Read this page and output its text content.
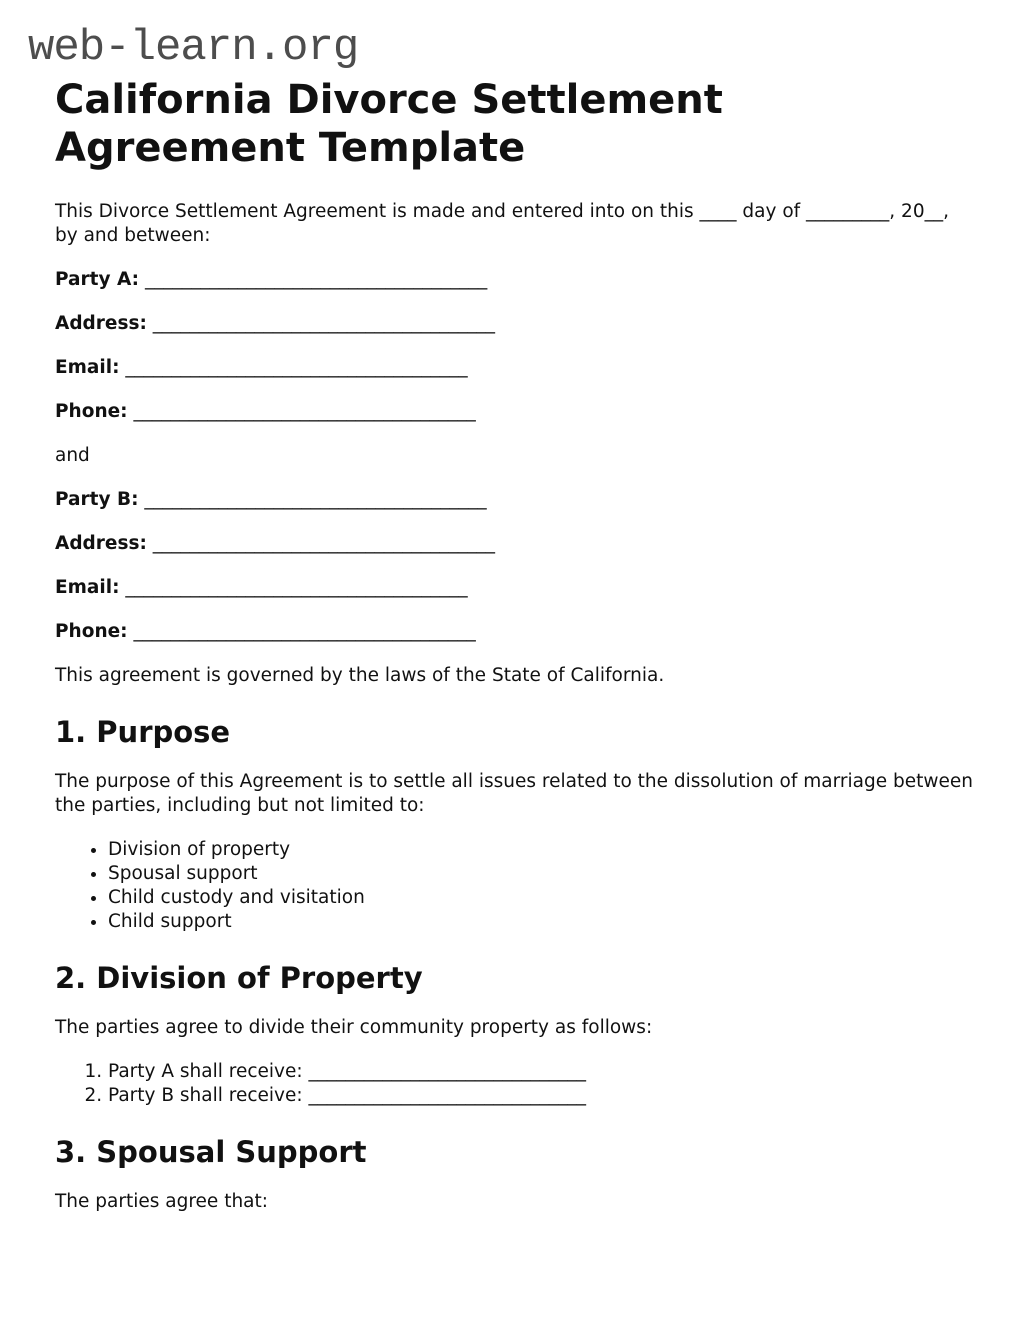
web-learn.org
California Divorce Settlement Agreement Template

This Divorce Settlement Agreement is made and entered into on this ____ day of _________, 20__, by and between:

Party A: _____________________________________

Address: _____________________________________

Email: _____________________________________

Phone: _____________________________________

and

Party B: _____________________________________

Address: _____________________________________

Email: _____________________________________

Phone: _____________________________________

This agreement is governed by the laws of the State of California.

1. Purpose

The purpose of this Agreement is to settle all issues related to the dissolution of marriage between the parties, including but not limited to:

• Division of property
• Spousal support
• Child custody and visitation
• Child support
2. Division of Property

The parties agree to divide their community property as follows:

1. Party A shall receive: ______________________________
2. Party B shall receive: ______________________________
3. Spousal Support

The parties agree that:
